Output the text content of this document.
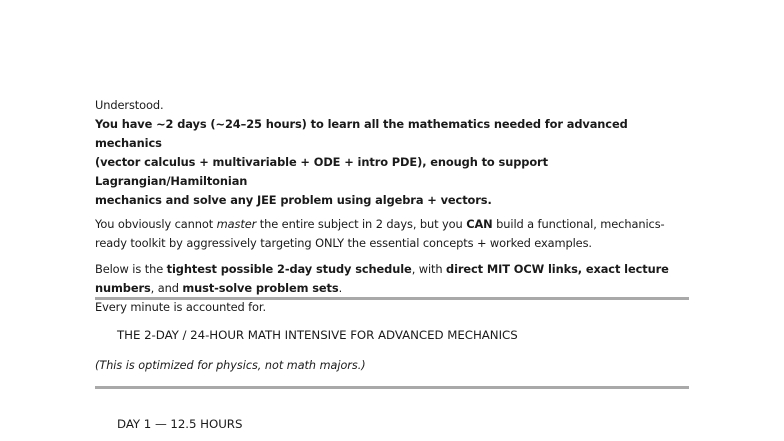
Understood.
You have ~2 days (~24–25 hours) to learn all the mathematics needed for advanced mechanics
(vector calculus + multivariable + ODE + intro PDE), enough to support Lagrangian/Hamiltonian
mechanics and solve any JEE problem using algebra + vectors.

You obviously cannot master the entire subject in 2 days, but you CAN build a functional, mechanics-ready toolkit by aggressively targeting ONLY the essential concepts + worked examples.

Below is the tightest possible 2-day study schedule, with direct MIT OCW links, exact lecture numbers, and must-solve problem sets.
Every minute is accounted for.

THE 2-DAY / 24-HOUR MATH INTENSIVE FOR ADVANCED MECHANICS
(This is optimized for physics, not math majors.)
DAY 1 — 12.5 HOURS
